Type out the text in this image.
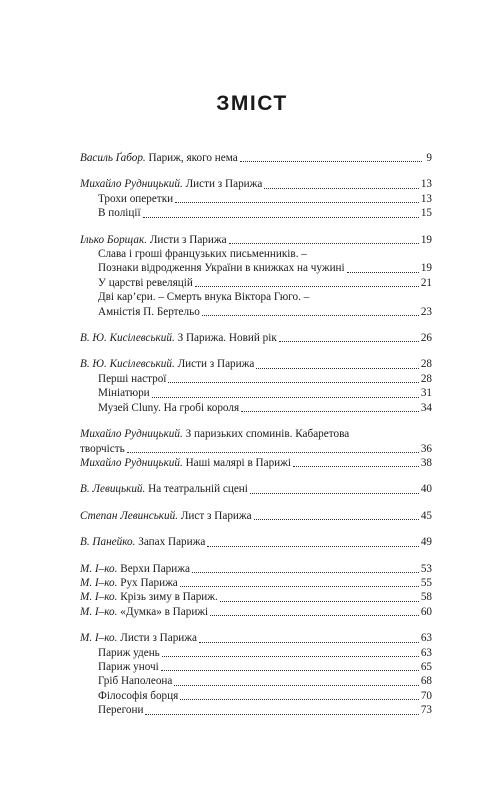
ЗМІСТ
Василь Ґабор. Париж, якого нема	9
Михайло Рудницький. Листи з Парижа	13
Трохи оперетки	13
В поліції	15
Ілько Борщак. Листи з Парижа	19
Слава і гроші французьких письменників. –
Познаки відродження України в книжках на чужині	19
У царстві ревеляцій	21
Дві кар’єри. – Смерть внука Віктора Гюго. –
Амністія П. Бертельо	23
В. Ю. Кисілевський. З Парижа. Новий рік	26
В. Ю. Кисілевський. Листи з Парижа	28
Перші настрої	28
Мініатюри	31
Музей Cluny. На гробі короля	34
Михайло Рудницький. З паризьких споминів. Кабаретова
творчість	36
Михайло Рудницький. Наші малярі в Парижі	38
В. Левицький. На театральній сцені	40
Степан Левинський. Лист з Парижа	45
В. Панейко. Запах Парижа	49
М. І–ко. Верхи Парижа	53
М. І–ко. Рух Парижа	55
М. І–ко. Крізь зиму в Париж.	58
М. І–ко. «Думка» в Парижі	60
М. І–ко. Листи з Парижа	63
Париж удень	63
Париж уночі	65
Гріб Наполеона	68
Філософія борця	70
Перегони	73
